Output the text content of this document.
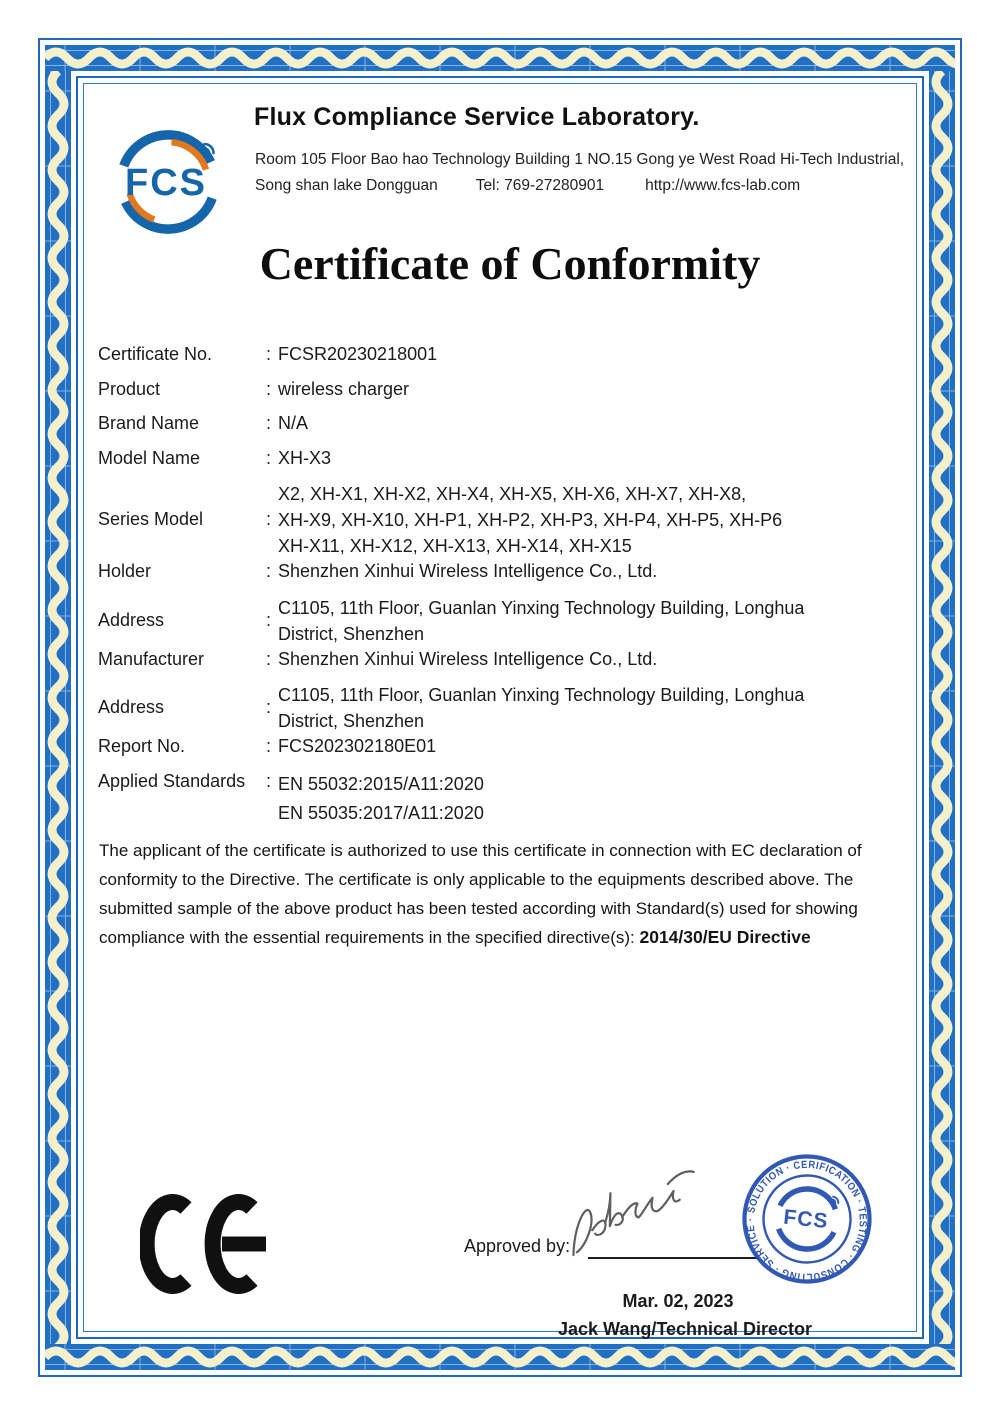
FCS
Flux Compliance Service Laboratory.
Room 105 Floor Bao hao Technology Building 1 NO.15 Gong ye West Road Hi-Tech Industrial,
Song shan lake Dongguan Tel: 769-27280901	http://www.fcs-lab.com
Certificate of Conformity
Certificate No.	: FCSR20230218001
Product	: wireless charger
Brand Name	: N/A
Model Name	: XH-X3
Series Model	:
X2, XH-X1, XH-X2, XH-X4, XH-X5, XH-X6, XH-X7, XH-X8,
XH-X9, XH-X10, XH-P1, XH-P2, XH-P3, XH-P4, XH-P5, XH-P6
XH-X11, XH-X12, XH-X13, XH-X14, XH-X15
Holder	: Shenzhen Xinhui Wireless Intelligence Co., Ltd.
Address	:
C1105, 11th Floor, Guanlan Yinxing Technology Building, Longhua
District, Shenzhen
Manufacturer	: Shenzhen Xinhui Wireless Intelligence Co., Ltd.
Address	:
C1105, 11th Floor, Guanlan Yinxing Technology Building, Longhua
District, Shenzhen
Report No.	: FCS202302180E01
Applied Standards	: EN 55032:2015/A11:2020
EN 55035:2017/A11:2020
The applicant of the certificate is authorized to use this certificate in connection with EC declaration of
conformity to the Directive. The certificate is only applicable to the equipments described above. The
submitted sample of the above product has been tested according with Standard(s) used for showing
compliance with the essential requirements in the specified directive(s): 2014/30/EU Directive
Approved by:
SOLUTION · CERIFICATION · TESTING · CONSULTING · SERVICE ·	FCS
Mar. 02, 2023
Jack Wang/Technical Director
